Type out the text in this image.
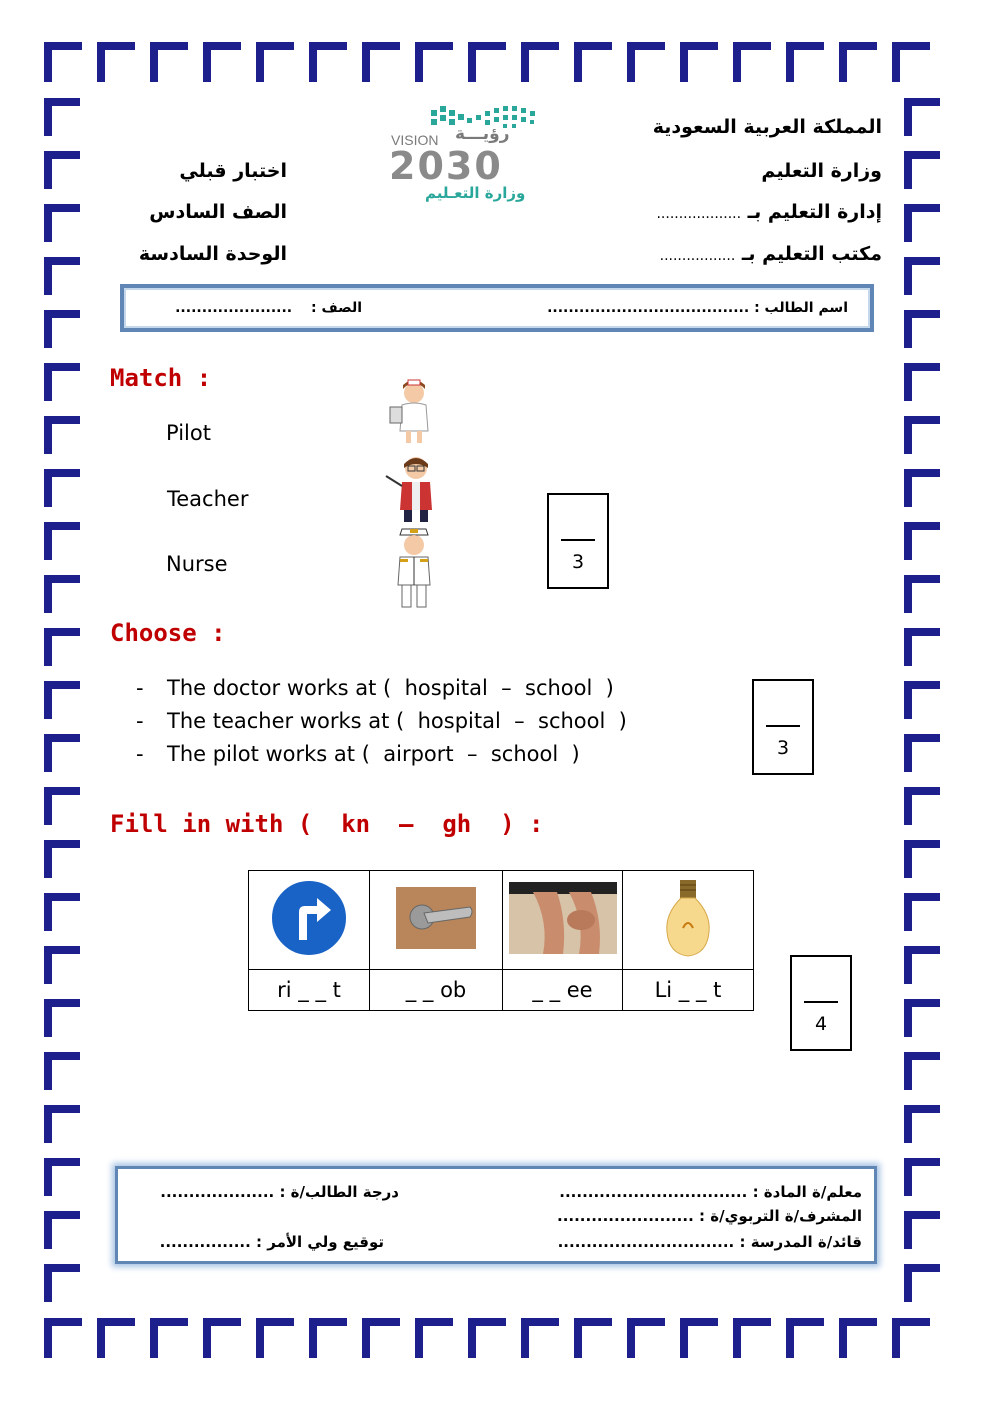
المملكة العربية السعودية
وزارة التعليم
إدارة التعليم بـ ...................
مكتب التعليم بـ .................
اختبار قبلي
الصف السادس
الوحدة السادسة
VISION رؤيـــة
2030
وزارة التعـليم
اسم الطالب : ......................................
الصف : ......................
Match :
Pilot
Teacher
Nurse	3
Choose :
- The doctor works at (  hospital  –  school  )
- The teacher works at (  hospital  –  school  )
- The pilot works at (  airport  –  school  )	3
Fill in with (  kn  –  gh  ) :

ri _ _ t	_ _ ob	_ _ ee	Li _ _ t
4
معلم/ة المادة : .................................
المشرف/ة التربوي/ة : ........................
قائد/ة المدرسة : ...............................
درجة الطالب/ة : ....................
توقيع ولي الأمر : ................
